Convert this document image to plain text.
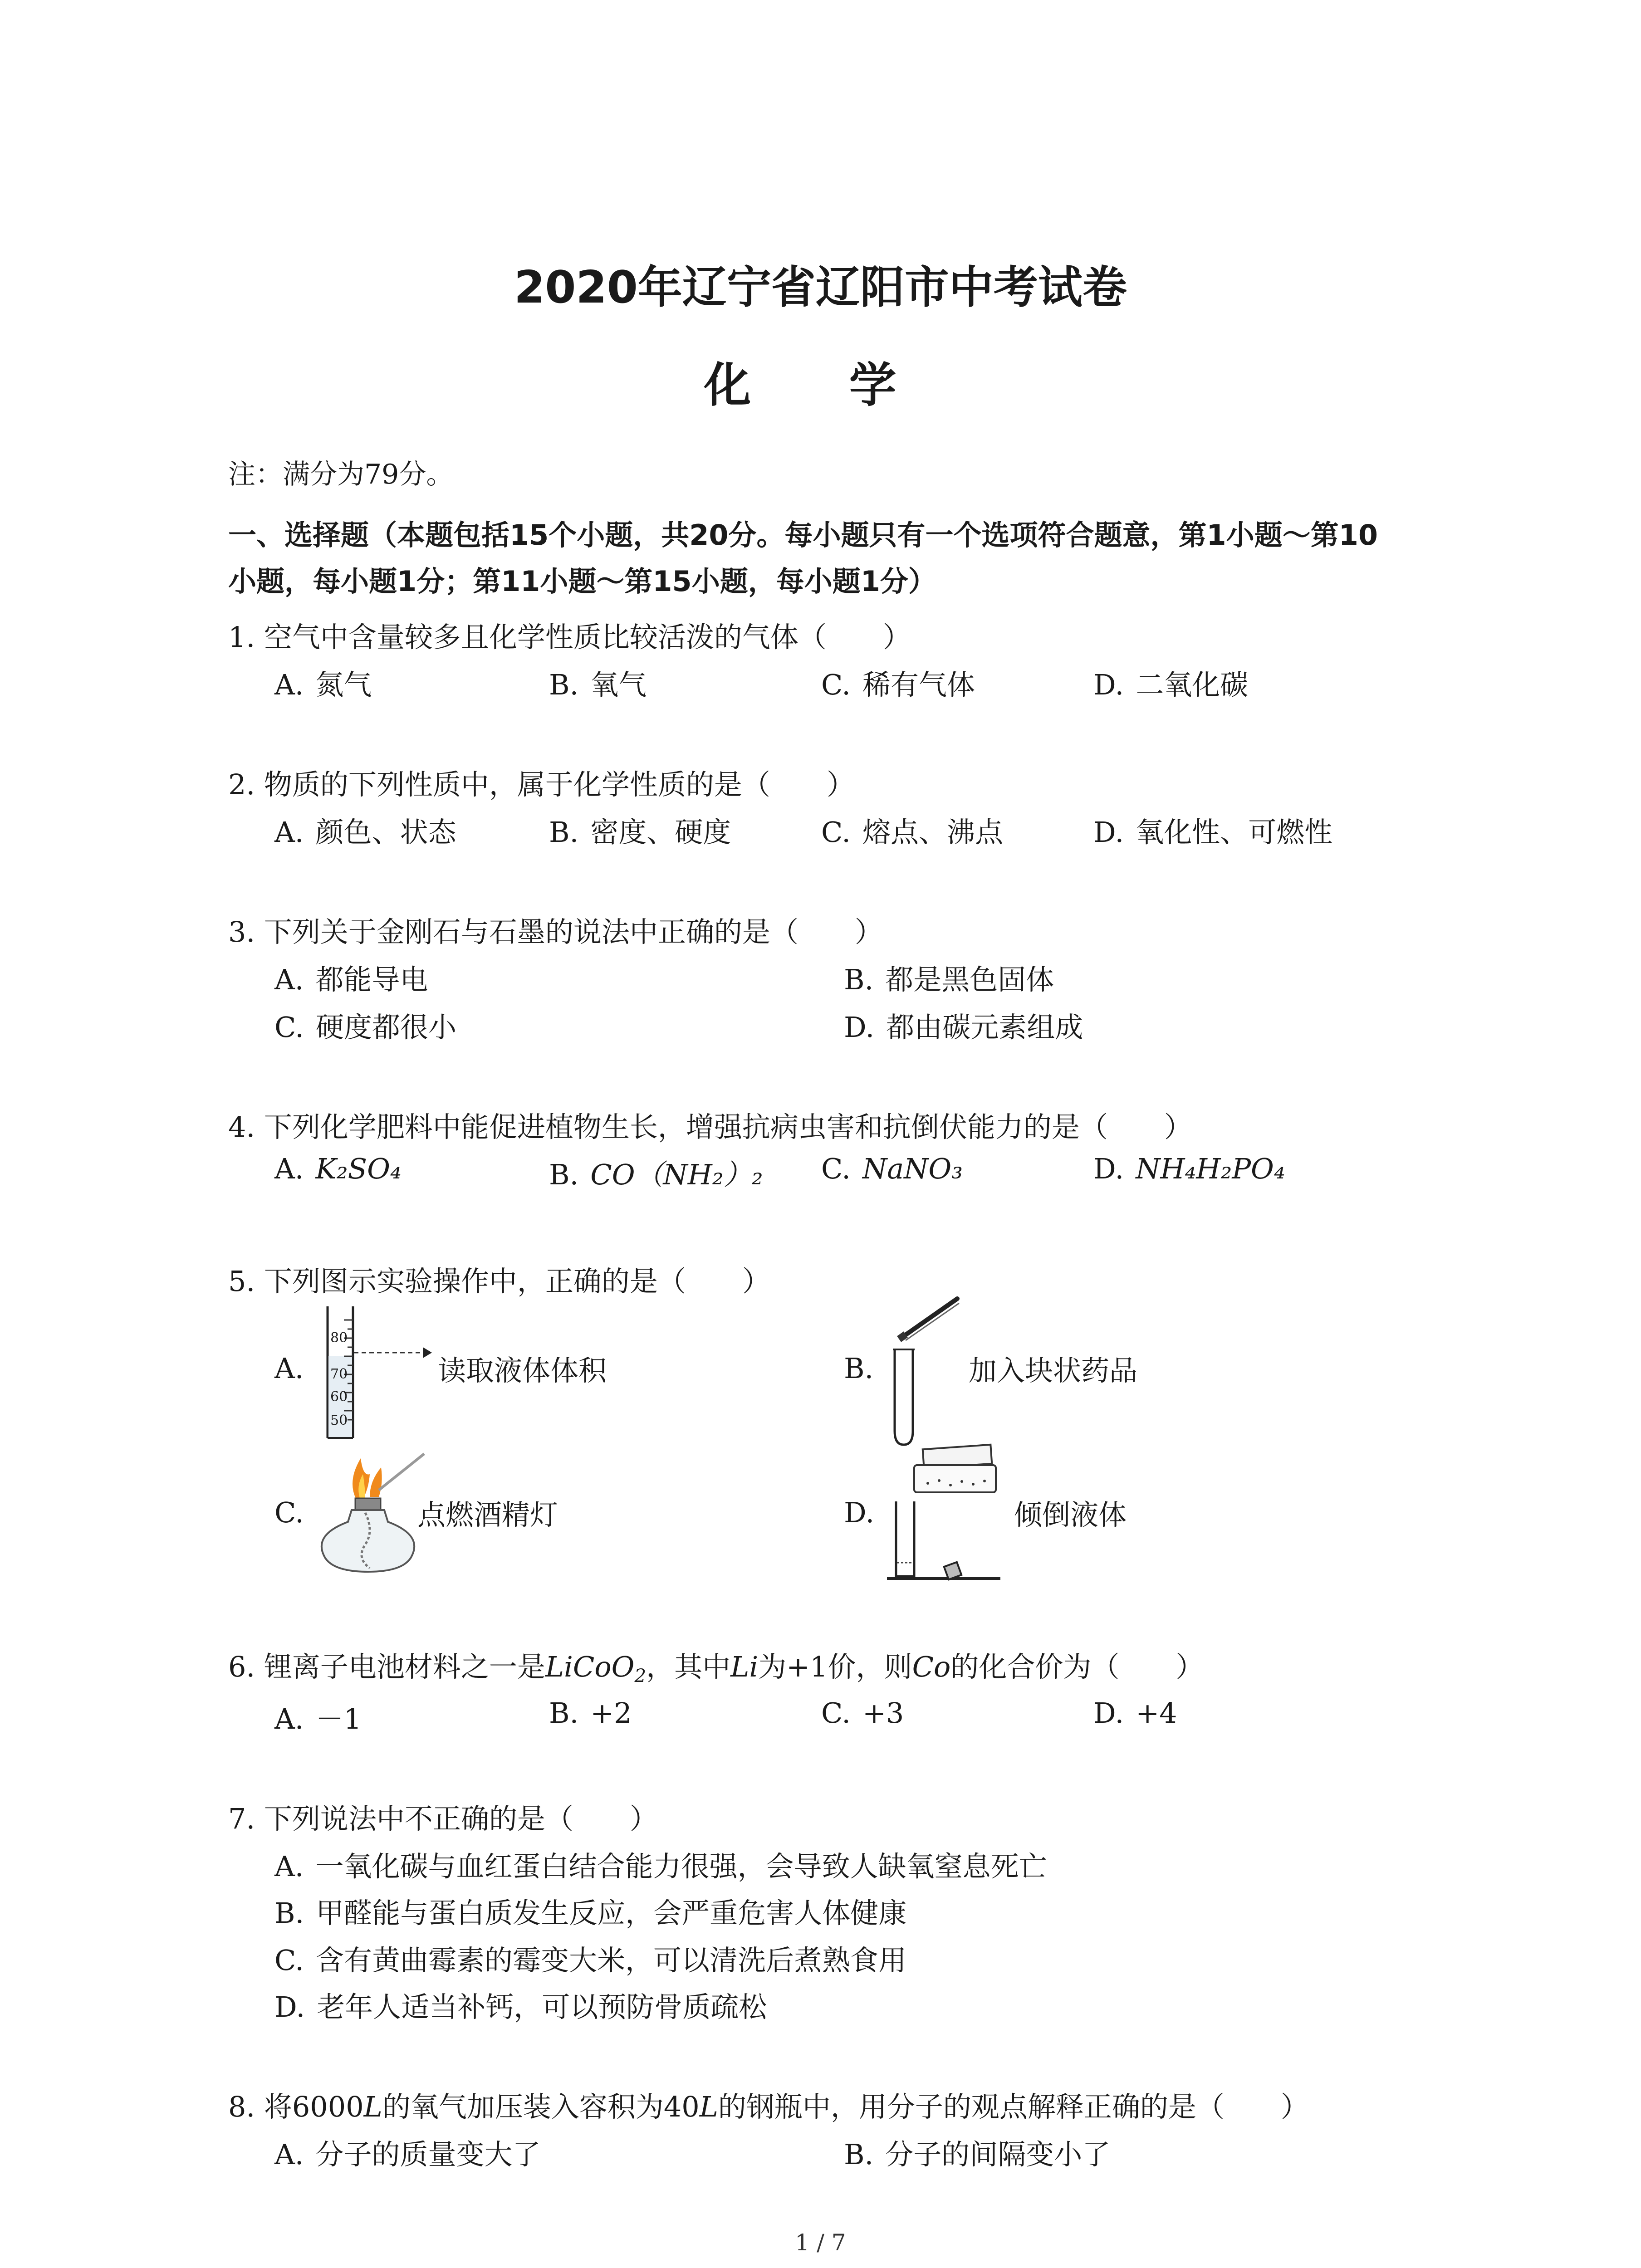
2020年辽宁省辽阳市中考试卷
化 学
注：满分为79分。
一、选择题（本题包括15个小题，共20分。每小题只有一个选项符合题意，第1小题～第10
小题，每小题1分；第11小题～第15小题，每小题1分）
1. 空气中含量较多且化学性质比较活泼的气体（　　）
A. 氮气	B. 氧气	C. 稀有气体	D. 二氧化碳
2. 物质的下列性质中，属于化学性质的是（　　）
A. 颜色、状态	B. 密度、硬度	C. 熔点、沸点	D. 氧化性、可燃性
3. 下列关于金刚石与石墨的说法中正确的是（　　）
A. 都能导电	B. 都是黑色固体
C. 硬度都很小	D. 都由碳元素组成
4. 下列化学肥料中能促进植物生长，增强抗病虫害和抗倒伏能力的是（　　）
A. K₂SO₄	B. CO（NH₂）₂ C. NaNO₃	D. NH₄H₂PO₄
5. 下列图示实验操作中，正确的是（　　）
A.
80
70
60
50
读取液体体积	B.	加入块状药品
C.	点燃酒精灯	D.	倾倒液体
6. 锂离子电池材料之一是LiCoO$_2$，其中Li为+1价，则Co的化合价为（　　）
A. －1	B. +2	C. +3	D. +4
7. 下列说法中不正确的是（　　）
A. 一氧化碳与血红蛋白结合能力很强，会导致人缺氧窒息死亡
B. 甲醛能与蛋白质发生反应，会严重危害人体健康
C. 含有黄曲霉素的霉变大米，可以清洗后煮熟食用
D. 老年人适当补钙，可以预防骨质疏松
8. 将6000L的氧气加压装入容积为40L的钢瓶中，用分子的观点解释正确的是（　　）
A. 分子的质量变大了	B. 分子的间隔变小了
1 / 7
